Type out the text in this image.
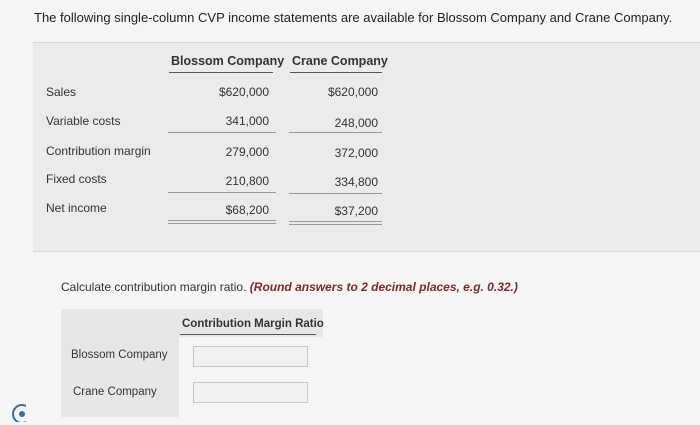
The following single-column CVP income statements are available for Blossom Company and Crane Company.
Blossom Company Crane Company
Sales	$620,000	$620,000
Variable costs	341,000	248,000
Contribution margin	279,000	372,000
Fixed costs	210,800	334,800
Net income	$68,200	$37,200
Calculate contribution margin ratio. (Round answers to 2 decimal places, e.g. 0.32.)
Contribution Margin Ratio
Blossom Company
Crane Company
